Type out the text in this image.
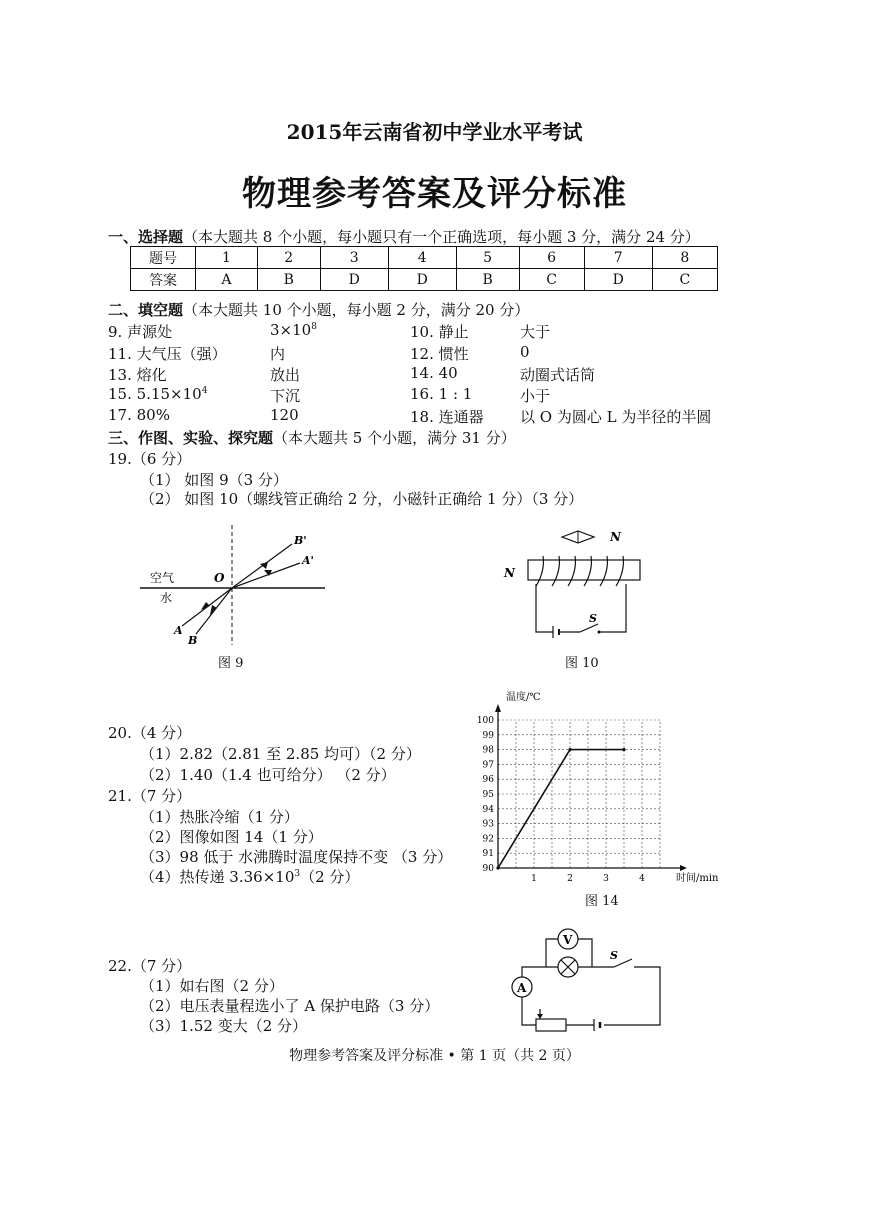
2015年云南省初中学业水平考试
物理参考答案及评分标准
一、选择题（本大题共 8 个小题，每小题只有一个正确选项，每小题 3 分，满分 24 分）
题号	1	2	3	4	5	6	7	8
答案	A	B	D	D	B	C	D	C
二、填空题（本大题共 10 个小题，每小题 2 分，满分 20 分）
9. 声源处	$3\times 10^8$	10. 静止	大于
11. 大气压（强）	内	12. 惯性	0
13. 熔化	放出	14. 40	动圈式话筒
15. $5.15\times 10^4$	下沉	16. 1 : 1	小于
17. 80%	120	18. 连通器 以 O 为圆心 L 为半径的半圆
三、作图、实验、探究题（本大题共 5 个小题，满分 31 分）
19.（6 分）
（1） 如图 9（3 分）
（2） 如图 10（螺线管正确给 2 分，小磁针正确给 1 分）（3 分）
空气
水
O
A
B
A'
B'
图 9
N
N
S
图 10
20.（4 分）
（1）2.82（2.81 至 2.85 均可）（2 分）
（2）1.40（1.4 也可给分） （2 分）
21.（7 分）
（1）热胀冷缩（1 分）
（2）图像如图 14（1 分）
（3）98 低于 水沸腾时温度保持不变 （3 分）
（4）热传递 $3.36\times 10^3(2$ 分）
温度/℃
时间/min
90
91
92
93
94
95
96
97
98
99
100
1	2	3	4
图 14
22.（7 分）
（1）如右图（2 分）
（2）电压表量程选小了 A 保护电路（3 分）
（3）1.52 变大（2 分）
V
S
A
物理参考答案及评分标准 • 第 1 页（共 2 页）
